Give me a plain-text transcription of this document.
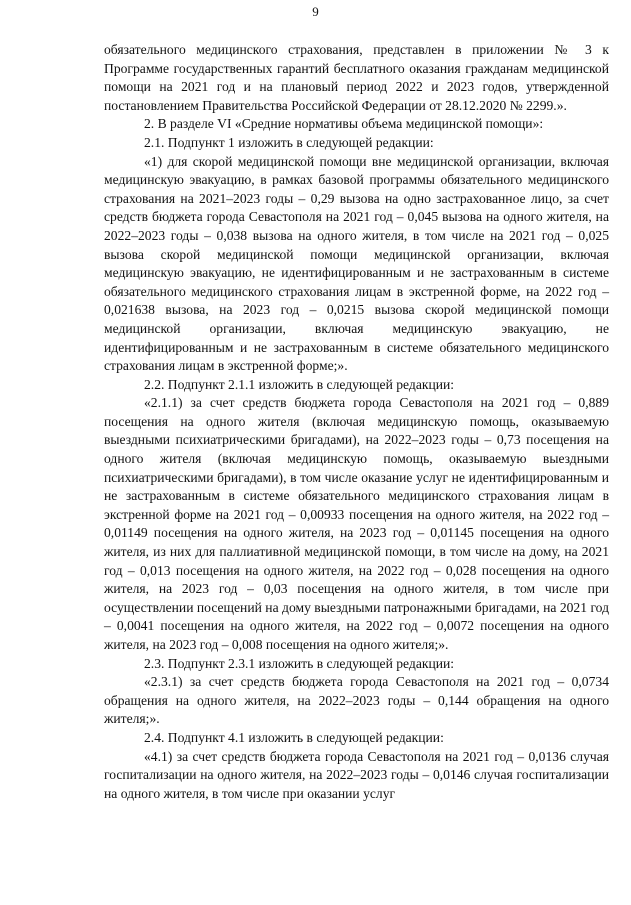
9

обязательного медицинского страхования, представлен в приложении № 3 к Программе государственных гарантий бесплатного оказания гражданам медицинской помощи на 2021 год и на плановый период 2022 и 2023 годов, утвержденной постановлением Правительства Российской Федерации от 28.12.2020 № 2299.».

2. В разделе VI «Средние нормативы объема медицинской помощи»:

2.1. Подпункт 1 изложить в следующей редакции:

«1) для скорой медицинской помощи вне медицинской организации, включая медицинскую эвакуацию, в рамках базовой программы обязательного медицинского страхования на 2021–2023 годы – 0,29 вызова на одно застрахованное лицо, за счет средств бюджета города Севастополя на 2021 год – 0,045 вызова на одного жителя, на 2022–2023 годы – 0,038 вызова на одного жителя, в том числе на 2021 год – 0,025 вызова скорой медицинской помощи медицинской организации, включая медицинскую эвакуацию, не идентифицированным и не застрахованным в системе обязательного медицинского страхования лицам в экстренной форме, на 2022 год – 0,021638 вызова, на 2023 год – 0,0215 вызова скорой медицинской помощи медицинской организации, включая медицинскую эвакуацию, не идентифицированным и не застрахованным в системе обязательного медицинского страхования лицам в экстренной форме;».

2.2. Подпункт 2.1.1 изложить в следующей редакции:

«2.1.1) за счет средств бюджета города Севастополя на 2021 год – 0,889 посещения на одного жителя (включая медицинскую помощь, оказываемую выездными психиатрическими бригадами), на 2022–2023 годы – 0,73 посещения на одного жителя (включая медицинскую помощь, оказываемую выездными психиатрическими бригадами), в том числе оказание услуг не идентифицированным и не застрахованным в системе обязательного медицинского страхования лицам в экстренной форме на 2021 год – 0,00933 посещения на одного жителя, на 2022 год – 0,01149 посещения на одного жителя, на 2023 год – 0,01145 посещения на одного жителя, из них для паллиативной медицинской помощи, в том числе на дому, на 2021 год – 0,013 посещения на одного жителя, на 2022 год – 0,028 посещения на одного жителя, на 2023 год – 0,03 посещения на одного жителя, в том числе при осуществлении посещений на дому выездными патронажными бригадами, на 2021 год – 0,0041 посещения на одного жителя, на 2022 год – 0,0072 посещения на одного жителя, на 2023 год – 0,008 посещения на одного жителя;».

2.3. Подпункт 2.3.1 изложить в следующей редакции:

«2.3.1) за счет средств бюджета города Севастополя на 2021 год – 0,0734 обращения на одного жителя, на 2022–2023 годы – 0,144 обращения на одного жителя;».

2.4. Подпункт 4.1 изложить в следующей редакции:

«4.1) за счет средств бюджета города Севастополя на 2021 год – 0,0136 случая госпитализации на одного жителя, на 2022–2023 годы – 0,0146 случая госпитализации на одного жителя, в том числе при оказании услуг
